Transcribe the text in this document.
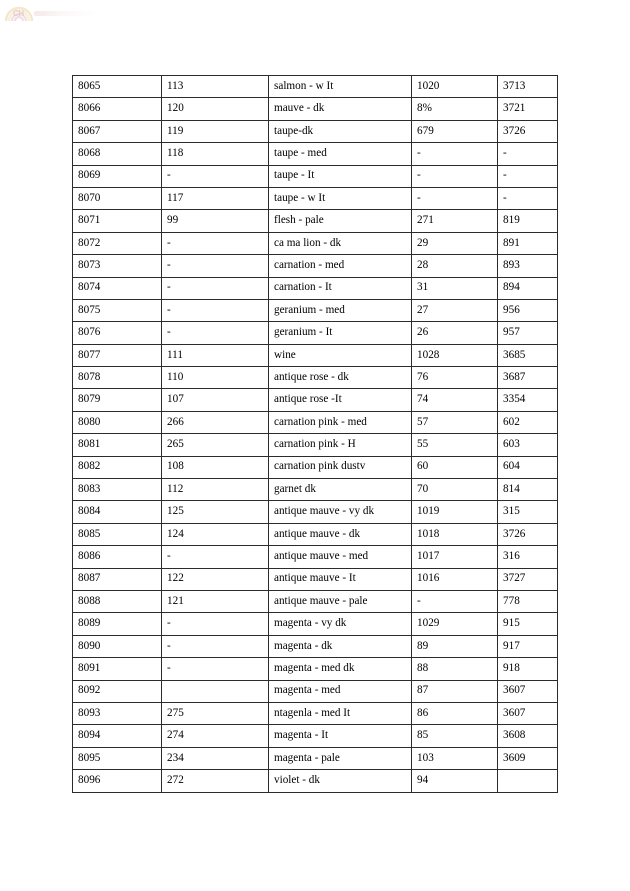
CH
8065	113	salmon - w It	1020	3713
8066	120	mauve - dk	8%	3721
8067	119	taupe-dk	679	3726
8068	118	taupe - med	-	-
8069	-	taupe - It	-	-
8070	117	taupe - w It	-	-
8071	99	flesh - pale	271	819
8072	-	ca ma lion - dk	29	891
8073	-	carnation - med	28	893
8074	-	carnation - It	31	894
8075	-	geranium - med	27	956
8076	-	geranium - It	26	957
8077	111	wine	1028	3685
8078	110	antique rose - dk	76	3687
8079	107	antique rose -It	74	3354
8080	266	carnation pink - med	57	602
8081	265	carnation pink - H	55	603
8082	108	carnation pink dustv	60	604
8083	112	garnet dk	70	814
8084	125	antique mauve - vy dk	1019	315
8085	124	antique mauve - dk	1018	3726
8086	-	antique mauve - med	1017	316
8087	122	antique mauve - It	1016	3727
8088	121	antique mauve - pale	-	778
8089	-	magenta - vy dk	1029	915
8090	-	magenta - dk	89	917
8091	-	magenta - med dk	88	918
8092		magenta - med	87	3607
8093	275	ntagenla - med It	86	3607
8094	274	magenta - It	85	3608
8095	234	magenta - pale	103	3609
8096	272	violet - dk	94	
